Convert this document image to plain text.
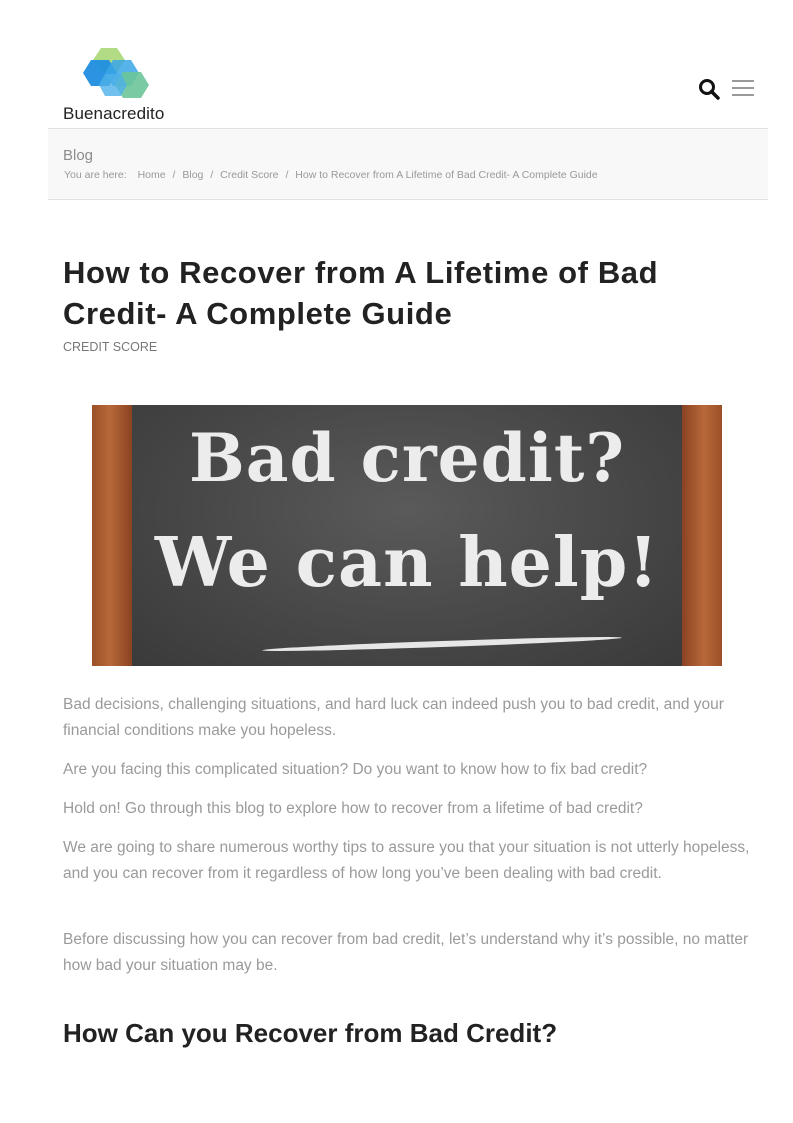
Buenacredito
Blog
You are here: Home / Blog / Credit Score / How to Recover from A Lifetime of Bad Credit- A Complete Guide
How to Recover from A Lifetime of Bad Credit- A Complete Guide
CREDIT SCORE
Bad credit?
We can help!

Bad decisions, challenging situations, and hard luck can indeed push you to bad credit, and your financial conditions make you hopeless.

Are you facing this complicated situation? Do you want to know how to fix bad credit?

Hold on! Go through this blog to explore how to recover from a lifetime of bad credit?

We are going to share numerous worthy tips to assure you that your situation is not utterly hopeless, and you can recover from it regardless of how long you’ve been dealing with bad credit.

Before discussing how you can recover from bad credit, let’s understand why it’s possible, no matter how bad your situation may be.

How Can you Recover from Bad Credit?
